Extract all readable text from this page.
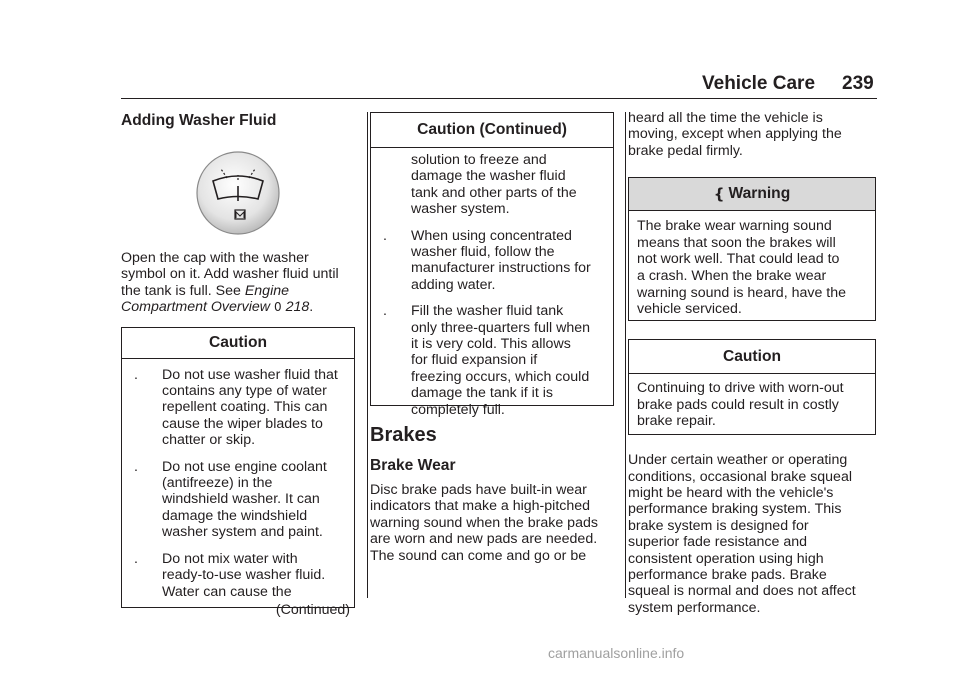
Vehicle Care 239
Adding Washer Fluid

Open the cap with the washer
symbol on it. Add washer fluid until
the tank is full. See Engine
Compartment Overview 0 218.

Caution
. Do not use washer fluid that
contains any type of water
repellent coating. This can
cause the wiper blades to
chatter or skip.
. Do not use engine coolant
(antifreeze) in the
windshield washer. It can
damage the windshield
washer system and paint.
. Do not mix water with
ready-to-use washer fluid.
Water can cause the
(Continued)
Caution (Continued)
solution to freeze and
damage the washer fluid
tank and other parts of the
washer system.
. When using concentrated
washer fluid, follow the
manufacturer instructions for
adding water.
. Fill the washer fluid tank
only three-quarters full when
it is very cold. This allows
for fluid expansion if
freezing occurs, which could
damage the tank if it is
completely full.
Brakes
Brake Wear

Disc brake pads have built-in wear
indicators that make a high-pitched
warning sound when the brake pads
are worn and new pads are needed.
The sound can come and go or be

heard all the time the vehicle is
moving, except when applying the
brake pedal firmly.

{ Warning

The brake wear warning sound
means that soon the brakes will
not work well. That could lead to
a crash. When the brake wear
warning sound is heard, have the
vehicle serviced.

Caution

Continuing to drive with worn-out
brake pads could result in costly
brake repair.

Under certain weather or operating
conditions, occasional brake squeal
might be heard with the vehicle's
performance braking system. This
brake system is designed for
superior fade resistance and
consistent operation using high
performance brake pads. Brake
squeal is normal and does not affect
system performance.

carmanualsonline.info
